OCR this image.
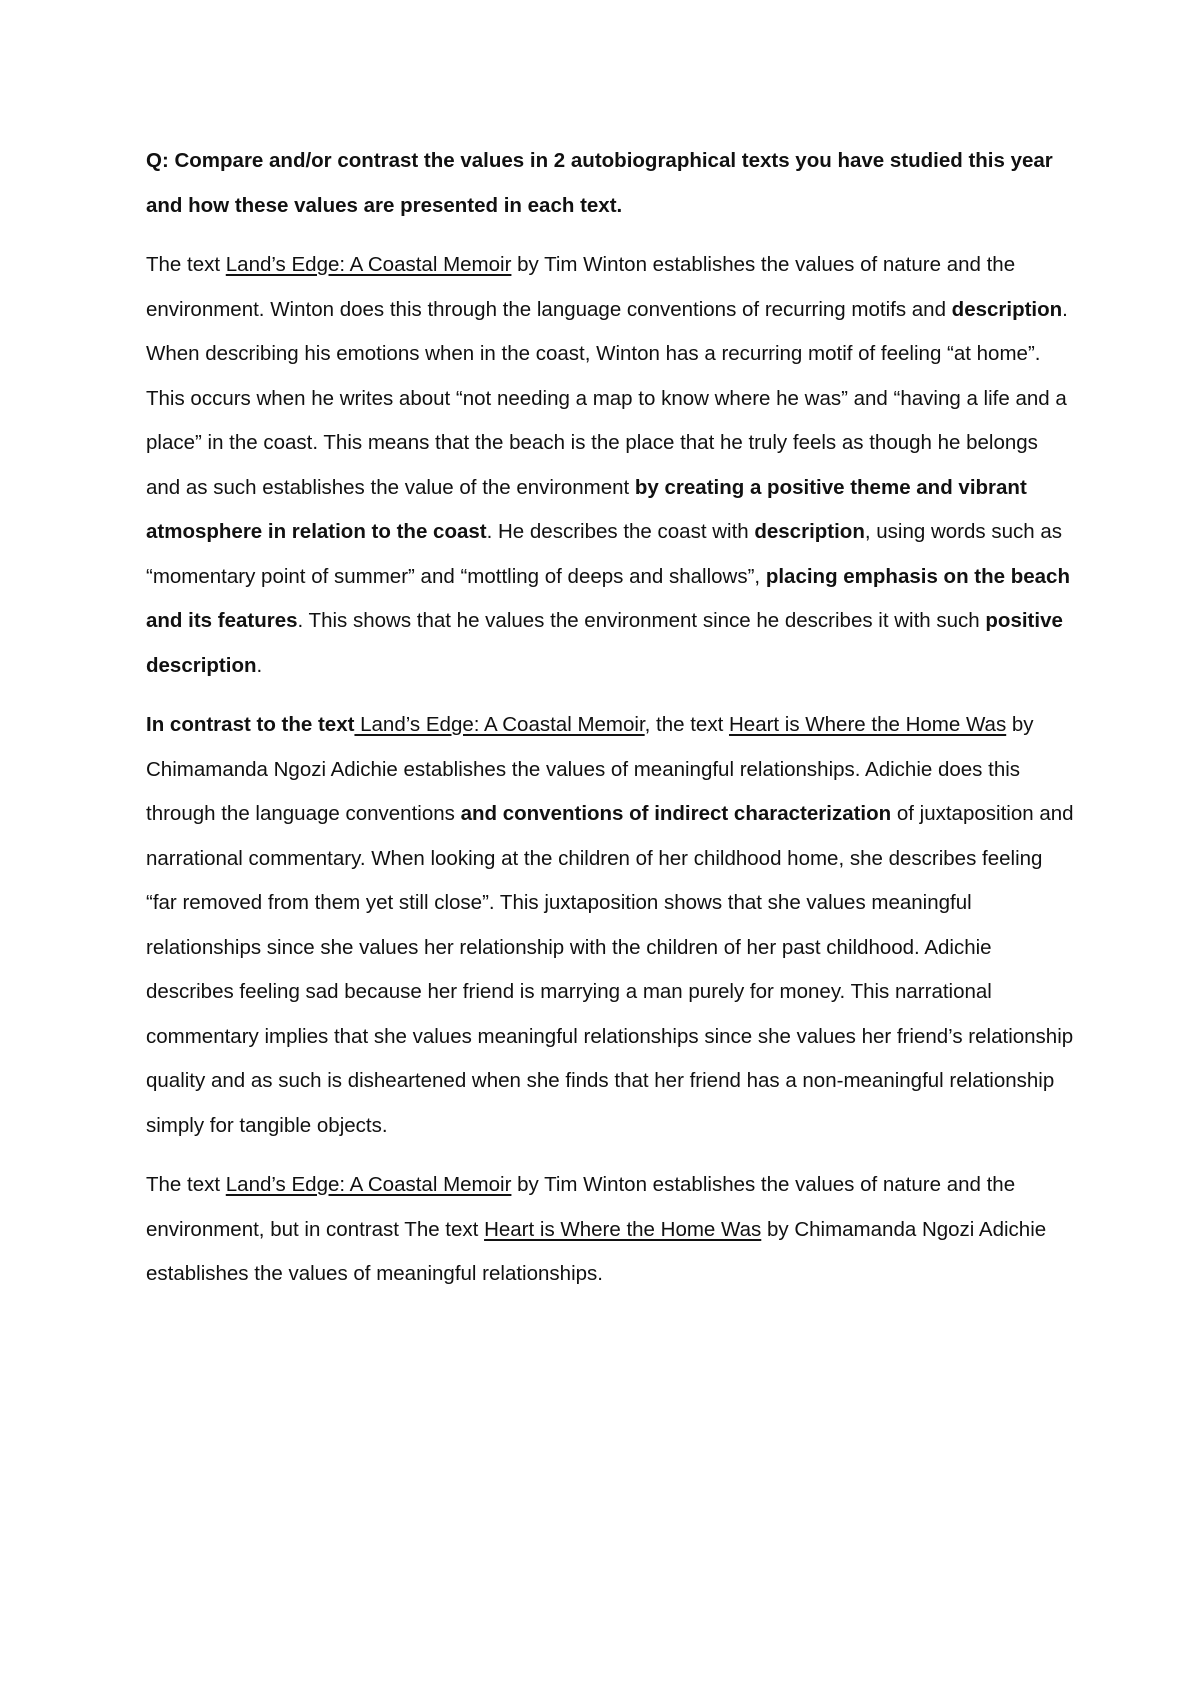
Q: Compare and/or contrast the values in 2 autobiographical texts you have studied this year and how these values are presented in each text.

The text Land’s Edge: A Coastal Memoir by Tim Winton establishes the values of nature and the environment. Winton does this through the language conventions of recurring motifs and description. When describing his emotions when in the coast, Winton has a recurring motif of feeling “at home”. This occurs when he writes about “not needing a map to know where he was” and “having a life and a place” in the coast. This means that the beach is the place that he truly feels as though he belongs and as such establishes the value of the environment by creating a positive theme and vibrant atmosphere in relation to the coast. He describes the coast with description, using words such as “momentary point of summer” and “mottling of deeps and shallows”, placing emphasis on the beach and its features. This shows that he values the environment since he describes it with such positive description.

In contrast to the text Land’s Edge: A Coastal Memoir, the text Heart is Where the Home Was by Chimamanda Ngozi Adichie establishes the values of meaningful relationships. Adichie does this through the language conventions and conventions of indirect characterization of juxtaposition and narrational commentary. When looking at the children of her childhood home, she describes feeling “far removed from them yet still close”. This juxtaposition shows that she values meaningful relationships since she values her relationship with the children of her past childhood. Adichie describes feeling sad because her friend is marrying a man purely for money. This narrational commentary implies that she values meaningful relationships since she values her friend’s relationship quality and as such is disheartened when she finds that her friend has a non-meaningful relationship simply for tangible objects.

The text Land’s Edge: A Coastal Memoir by Tim Winton establishes the values of nature and the environment, but in contrast The text Heart is Where the Home Was by Chimamanda Ngozi Adichie establishes the values of meaningful relationships.
